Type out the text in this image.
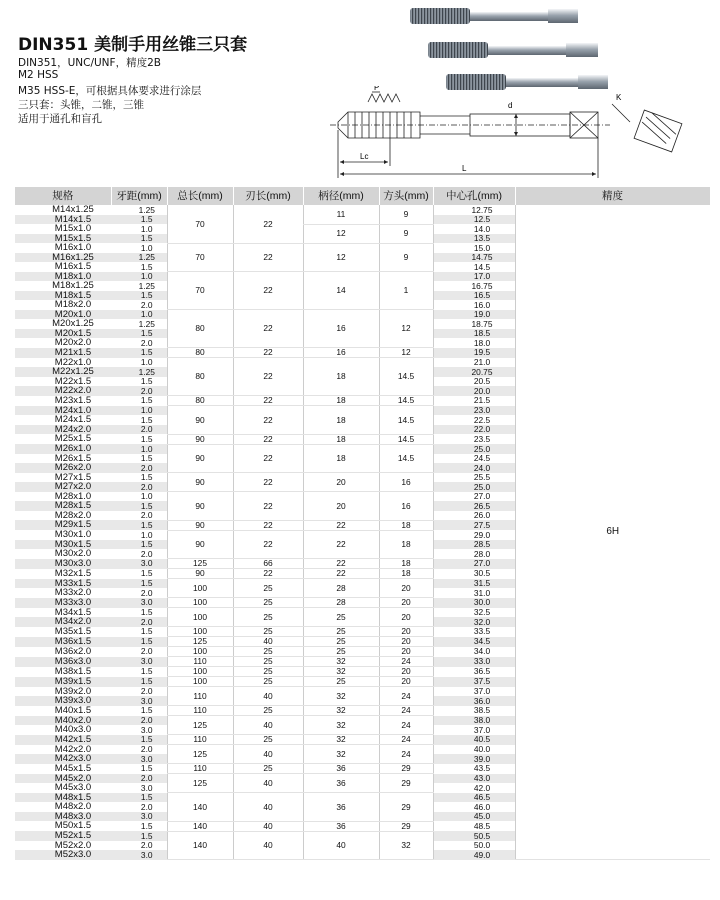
DIN351 美制手用丝锥三只套
DIN351，UNC/UNF，精度2B
M2 HSS
M35 HSS-E，可根据具体要求进行涂层
三只套：头锥，二锥，三锥
适用于通孔和盲孔
P
d
Lc
L
K
规格	牙距(mm)	总长(mm)	刃长(mm)	柄径(mm)	方头(mm)	中心孔(mm)	精度
M14x1.25	1.25	70	22	11	9	12.75	6H
M14x1.5	1.5					12.5	
M15x1.0	1.0			12	9	14.0	
M15x1.5	1.5					13.5	
M16x1.0	1.0	70	22	12	9	15.0	
M16x1.25	1.25					14.75	
M16x1.5	1.5					14.5	
M18x1.0	1.0	70	22	14	1	17.0	
M18x1.25	1.25					16.75	
M18x1.5	1.5					16.5	
M18x2.0	2.0					16.0	
M20x1.0	1.0	80	22	16	12	19.0	
M20x1.25	1.25					18.75	
M20x1.5	1.5					18.5	
M20x2.0	2.0					18.0	
M21x1.5	1.5	80	22	16	12	19.5	
M22x1.0	1.0	80	22	18	14.5	21.0	
M22x1.25	1.25					20.75	
M22x1.5	1.5					20.5	
M22x2.0	2.0					20.0	
M23x1.5	1.5	80	22	18	14.5	21.5	
M24x1.0	1.0	90	22	18	14.5	23.0	
M24x1.5	1.5					22.5	
M24x2.0	2.0					22.0	
M25x1.5	1.5	90	22	18	14.5	23.5	
M26x1.0	1.0	90	22	18	14.5	25.0	
M26x1.5	1.5					24.5	
M26x2.0	2.0					24.0	
M27x1.5	1.5	90	22	20	16	25.5	
M27x2.0	2.0					25.0	
M28x1.0	1.0	90	22	20	16	27.0	
M28x1.5	1.5					26.5	
M28x2.0	2.0					26.0	
M29x1.5	1.5	90	22	22	18	27.5	
M30x1.0	1.0	90	22	22	18	29.0	
M30x1.5	1.5					28.5	
M30x2.0	2.0					28.0	
M30x3.0	3.0	125	66	22	18	27.0	
M32x1.5	1.5	90	22	22	18	30.5	
M33x1.5	1.5	100	25	28	20	31.5	
M33x2.0	2.0					31.0	
M33x3.0	3.0	100	25	28	20	30.0	
M34x1.5	1.5	100	25	25	20	32.5	
M34x2.0	2.0					32.0	
M35x1.5	1.5	100	25	25	20	33.5	
M36x1.5	1.5	125	40	25	20	34.5	
M36x2.0	2.0	100	25	25	20	34.0	
M36x3.0	3.0	110	25	32	24	33.0	
M38x1.5	1.5	100	25	32	20	36.5	
M39x1.5	1.5	100	25	25	20	37.5	
M39x2.0	2.0	110	40	32	24	37.0	
M39x3.0	3.0					36.0	
M40x1.5	1.5	110	25	32	24	38.5	
M40x2.0	2.0	125	40	32	24	38.0	
M40x3.0	3.0					37.0	
M42x1.5	1.5	110	25	32	24	40.5	
M42x2.0	2.0	125	40	32	24	40.0	
M42x3.0	3.0					39.0	
M45x1.5	1.5	110	25	36	29	43.5	
M45x2.0	2.0	125	40	36	29	43.0	
M45x3.0	3.0					42.0	
M48x1.5	1.5	140	40	36	29	46.5	
M48x2.0	2.0					46.0	
M48x3.0	3.0					45.0	
M50x1.5	1.5	140	40	36	29	48.5	
M52x1.5	1.5	140	40	40	32	50.5	
M52x2.0	2.0					50.0	
M52x3.0	3.0					49.0	
